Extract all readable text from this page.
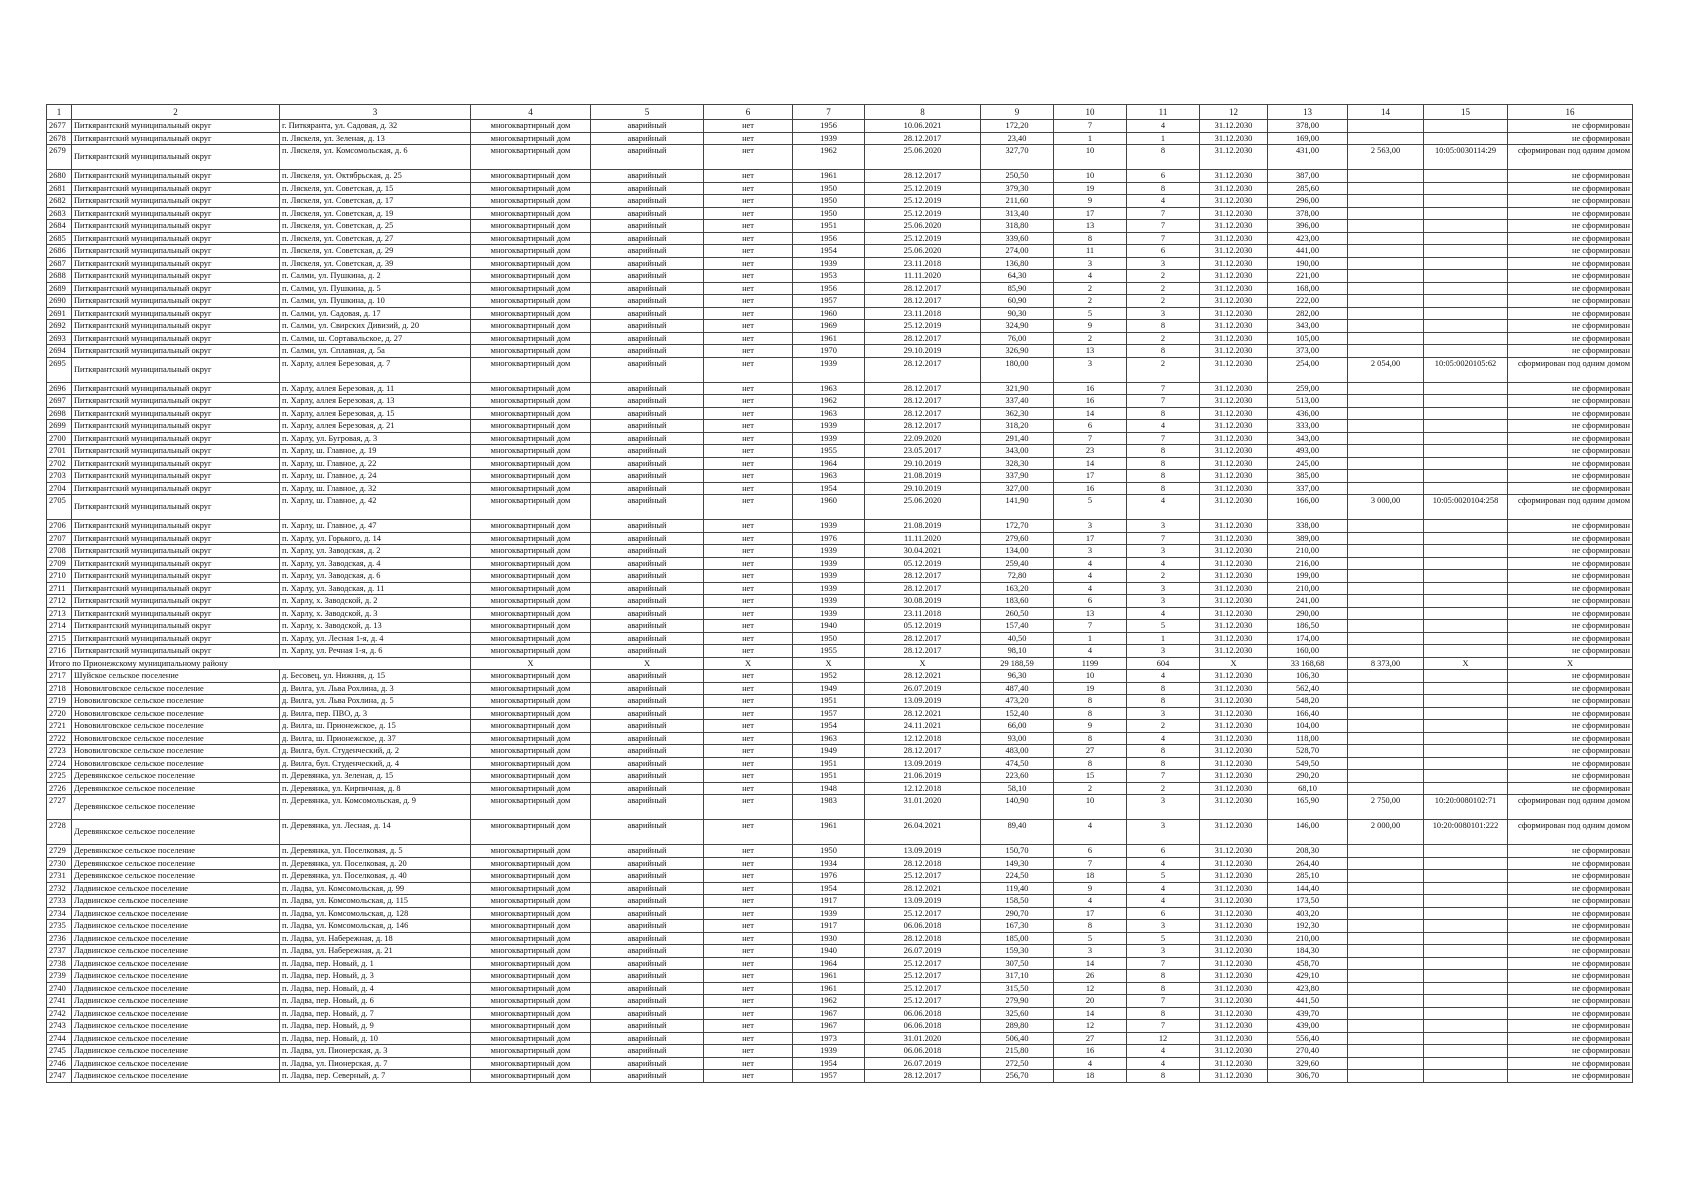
1	2	3	4	5	6	7	8	9	10	11	12	13	14	15	16
2677	Питкярантский муниципальный округ	г. Питкяранта, ул. Садовая, д. 32	многоквартирный дом	аварийный	нет	1956	10.06.2021	172,20	7	4	31.12.2030	378,00			не сформирован
2678	Питкярантский муниципальный округ	п. Ляскеля, ул. Зеленая, д. 13	многоквартирный дом	аварийный	нет	1939	28.12.2017	23,40	1	1	31.12.2030	169,00			не сформирован
2679	Питкярантский муниципальный округ	п. Ляскеля, ул. Комсомольская, д. 6	многоквартирный дом	аварийный	нет	1962	25.06.2020	327,70	10	8	31.12.2030	431,00	2 563,00	10:05:0030114:29	сформирован под одним домом
2680	Питкярантский муниципальный округ	п. Ляскеля, ул. Октябрьская, д. 25	многоквартирный дом	аварийный	нет	1961	28.12.2017	250,50	10	6	31.12.2030	387,00			не сформирован
2681	Питкярантский муниципальный округ	п. Ляскеля, ул. Советская, д. 15	многоквартирный дом	аварийный	нет	1950	25.12.2019	379,30	19	8	31.12.2030	285,60			не сформирован
2682	Питкярантский муниципальный округ	п. Ляскеля, ул. Советская, д. 17	многоквартирный дом	аварийный	нет	1950	25.12.2019	211,60	9	4	31.12.2030	296,00			не сформирован
2683	Питкярантский муниципальный округ	п. Ляскеля, ул. Советская, д. 19	многоквартирный дом	аварийный	нет	1950	25.12.2019	313,40	17	7	31.12.2030	378,00			не сформирован
2684	Питкярантский муниципальный округ	п. Ляскеля, ул. Советская, д. 25	многоквартирный дом	аварийный	нет	1951	25.06.2020	318,80	13	7	31.12.2030	396,00			не сформирован
2685	Питкярантский муниципальный округ	п. Ляскеля, ул. Советская, д. 27	многоквартирный дом	аварийный	нет	1956	25.12.2019	339,60	8	7	31.12.2030	423,00			не сформирован
2686	Питкярантский муниципальный округ	п. Ляскеля, ул. Советская, д. 29	многоквартирный дом	аварийный	нет	1954	25.06.2020	274,00	11	6	31.12.2030	441,00			не сформирован
2687	Питкярантский муниципальный округ	п. Ляскеля, ул. Советская, д. 39	многоквартирный дом	аварийный	нет	1939	23.11.2018	136,80	3	3	31.12.2030	190,00			не сформирован
2688	Питкярантский муниципальный округ	п. Салми, ул. Пушкина, д. 2	многоквартирный дом	аварийный	нет	1953	11.11.2020	64,30	4	2	31.12.2030	221,00			не сформирован
2689	Питкярантский муниципальный округ	п. Салми, ул. Пушкина, д. 5	многоквартирный дом	аварийный	нет	1956	28.12.2017	85,90	2	2	31.12.2030	168,00			не сформирован
2690	Питкярантский муниципальный округ	п. Салми, ул. Пушкина, д. 10	многоквартирный дом	аварийный	нет	1957	28.12.2017	60,90	2	2	31.12.2030	222,00			не сформирован
2691	Питкярантский муниципальный округ	п. Салми, ул. Садовая, д. 17	многоквартирный дом	аварийный	нет	1960	23.11.2018	90,30	5	3	31.12.2030	282,00			не сформирован
2692	Питкярантский муниципальный округ	п. Салми, ул. Свирских Дивизий, д. 20	многоквартирный дом	аварийный	нет	1969	25.12.2019	324,90	9	8	31.12.2030	343,00			не сформирован
2693	Питкярантский муниципальный округ	п. Салми, ш. Сортавальское, д. 27	многоквартирный дом	аварийный	нет	1961	28.12.2017	76,00	2	2	31.12.2030	105,00			не сформирован
2694	Питкярантский муниципальный округ	п. Салми, ул. Сплавная, д. 5а	многоквартирный дом	аварийный	нет	1970	29.10.2019	326,90	13	8	31.12.2030	373,00			не сформирован
2695	Питкярантский муниципальный округ	п. Харлу, аллея Березовая, д. 7	многоквартирный дом	аварийный	нет	1939	28.12.2017	180,00	3	2	31.12.2030	254,00	2 054,00	10:05:0020105:62	сформирован под одним домом
2696	Питкярантский муниципальный округ	п. Харлу, аллея Березовая, д. 11	многоквартирный дом	аварийный	нет	1963	28.12.2017	321,90	16	7	31.12.2030	259,00			не сформирован
2697	Питкярантский муниципальный округ	п. Харлу, аллея Березовая, д. 13	многоквартирный дом	аварийный	нет	1962	28.12.2017	337,40	16	7	31.12.2030	513,00			не сформирован
2698	Питкярантский муниципальный округ	п. Харлу, аллея Березовая, д. 15	многоквартирный дом	аварийный	нет	1963	28.12.2017	362,30	14	8	31.12.2030	436,00			не сформирован
2699	Питкярантский муниципальный округ	п. Харлу, аллея Березовая, д. 21	многоквартирный дом	аварийный	нет	1939	28.12.2017	318,20	6	4	31.12.2030	333,00			не сформирован
2700	Питкярантский муниципальный округ	п. Харлу, ул. Бугровая, д. 3	многоквартирный дом	аварийный	нет	1939	22.09.2020	291,40	7	7	31.12.2030	343,00			не сформирован
2701	Питкярантский муниципальный округ	п. Харлу, ш. Главное, д. 19	многоквартирный дом	аварийный	нет	1955	23.05.2017	343,00	23	8	31.12.2030	493,00			не сформирован
2702	Питкярантский муниципальный округ	п. Харлу, ш. Главное, д. 22	многоквартирный дом	аварийный	нет	1964	29.10.2019	328,30	14	8	31.12.2030	245,00			не сформирован
2703	Питкярантский муниципальный округ	п. Харлу, ш. Главное, д. 24	многоквартирный дом	аварийный	нет	1963	21.08.2019	337,90	17	8	31.12.2030	385,00			не сформирован
2704	Питкярантский муниципальный округ	п. Харлу, ш. Главное, д. 32	многоквартирный дом	аварийный	нет	1954	29.10.2019	327,00	16	8	31.12.2030	337,00			не сформирован
2705	Питкярантский муниципальный округ	п. Харлу, ш. Главное, д. 42	многоквартирный дом	аварийный	нет	1960	25.06.2020	141,90	5	4	31.12.2030	166,00	3 000,00	10:05:0020104:258	сформирован под одним домом
2706	Питкярантский муниципальный округ	п. Харлу, ш. Главное, д. 47	многоквартирный дом	аварийный	нет	1939	21.08.2019	172,70	3	3	31.12.2030	338,00			не сформирован
2707	Питкярантский муниципальный округ	п. Харлу, ул. Горького, д. 14	многоквартирный дом	аварийный	нет	1976	11.11.2020	279,60	17	7	31.12.2030	389,00			не сформирован
2708	Питкярантский муниципальный округ	п. Харлу, ул. Заводская, д. 2	многоквартирный дом	аварийный	нет	1939	30.04.2021	134,00	3	3	31.12.2030	210,00			не сформирован
2709	Питкярантский муниципальный округ	п. Харлу, ул. Заводская, д. 4	многоквартирный дом	аварийный	нет	1939	05.12.2019	259,40	4	4	31.12.2030	216,00			не сформирован
2710	Питкярантский муниципальный округ	п. Харлу, ул. Заводская, д. 6	многоквартирный дом	аварийный	нет	1939	28.12.2017	72,80	4	2	31.12.2030	199,00			не сформирован
2711	Питкярантский муниципальный округ	п. Харлу, ул. Заводская, д. 11	многоквартирный дом	аварийный	нет	1939	28.12.2017	163,20	4	3	31.12.2030	210,00			не сформирован
2712	Питкярантский муниципальный округ	п. Харлу, х. Заводской, д. 2	многоквартирный дом	аварийный	нет	1939	30.08.2019	183,60	6	3	31.12.2030	241,00			не сформирован
2713	Питкярантский муниципальный округ	п. Харлу, х. Заводской, д. 3	многоквартирный дом	аварийный	нет	1939	23.11.2018	260,50	13	4	31.12.2030	290,00			не сформирован
2714	Питкярантский муниципальный округ	п. Харлу, х. Заводской, д. 13	многоквартирный дом	аварийный	нет	1940	05.12.2019	157,40	7	5	31.12.2030	186,50			не сформирован
2715	Питкярантский муниципальный округ	п. Харлу, ул. Лесная 1-я, д. 4	многоквартирный дом	аварийный	нет	1950	28.12.2017	40,50	1	1	31.12.2030	174,00			не сформирован
2716	Питкярантский муниципальный округ	п. Харлу, ул. Речная 1-я, д. 6	многоквартирный дом	аварийный	нет	1955	28.12.2017	98,10	4	3	31.12.2030	160,00			не сформирован
Итого по Прионежскому муниципальному району			X	X	X	X	X	29 188,59	1199	604	X	33 168,68	8 373,00	X	X
2717	Шуйское сельское поселение	д. Бесовец, ул. Нижняя, д. 15	многоквартирный дом	аварийный	нет	1952	28.12.2021	96,30	10	4	31.12.2030	106,30			не сформирован
2718	Нововилговское сельское поселение	д. Вилга, ул. Льва Рохлина, д. 3	многоквартирный дом	аварийный	нет	1949	26.07.2019	487,40	19	8	31.12.2030	562,40			не сформирован
2719	Нововилговское сельское поселение	д. Вилга, ул. Льва Рохлина, д. 5	многоквартирный дом	аварийный	нет	1951	13.09.2019	473,20	8	8	31.12.2030	548,20			не сформирован
2720	Нововилговское сельское поселение	д. Вилга, пер. ПВО, д. 3	многоквартирный дом	аварийный	нет	1957	28.12.2021	152,40	8	3	31.12.2030	166,40			не сформирован
2721	Нововилговское сельское поселение	д. Вилга, ш. Прионежское, д. 15	многоквартирный дом	аварийный	нет	1954	24.11.2021	66,00	9	2	31.12.2030	104,00			не сформирован
2722	Нововилговское сельское поселение	д. Вилга, ш. Прионежское, д. 37	многоквартирный дом	аварийный	нет	1963	12.12.2018	93,00	8	4	31.12.2030	118,00			не сформирован
2723	Нововилговское сельское поселение	д. Вилга, бул. Студенческий, д. 2	многоквартирный дом	аварийный	нет	1949	28.12.2017	483,00	27	8	31.12.2030	528,70			не сформирован
2724	Нововилговское сельское поселение	д. Вилга, бул. Студенческий, д. 4	многоквартирный дом	аварийный	нет	1951	13.09.2019	474,50	8	8	31.12.2030	549,50			не сформирован
2725	Деревянкское сельское поселение	п. Деревянка, ул. Зеленая, д. 15	многоквартирный дом	аварийный	нет	1951	21.06.2019	223,60	15	7	31.12.2030	290,20			не сформирован
2726	Деревянкское сельское поселение	п. Деревянка, ул. Кирпичная, д. 8	многоквартирный дом	аварийный	нет	1948	12.12.2018	58,10	2	2	31.12.2030	68,10			не сформирован
2727	Деревянкское сельское поселение	п. Деревянка, ул. Комсомольская, д. 9	многоквартирный дом	аварийный	нет	1983	31.01.2020	140,90	10	3	31.12.2030	165,90	2 750,00	10:20:0080102:71	сформирован под одним домом
2728	Деревянкское сельское поселение	п. Деревянка, ул. Лесная, д. 14	многоквартирный дом	аварийный	нет	1961	26.04.2021	89,40	4	3	31.12.2030	146,00	2 000,00	10:20:0080101:222	сформирован под одним домом
2729	Деревянкское сельское поселение	п. Деревянка, ул. Поселковая, д. 5	многоквартирный дом	аварийный	нет	1950	13.09.2019	150,70	6	6	31.12.2030	208,30			не сформирован
2730	Деревянкское сельское поселение	п. Деревянка, ул. Поселковая, д. 20	многоквартирный дом	аварийный	нет	1934	28.12.2018	149,30	7	4	31.12.2030	264,40			не сформирован
2731	Деревянкское сельское поселение	п. Деревянка, ул. Поселковая, д. 40	многоквартирный дом	аварийный	нет	1976	25.12.2017	224,50	18	5	31.12.2030	285,10			не сформирован
2732	Ладвинское сельское поселение	п. Ладва, ул. Комсомольская, д. 99	многоквартирный дом	аварийный	нет	1954	28.12.2021	119,40	9	4	31.12.2030	144,40			не сформирован
2733	Ладвинское сельское поселение	п. Ладва, ул. Комсомольская, д. 115	многоквартирный дом	аварийный	нет	1917	13.09.2019	158,50	4	4	31.12.2030	173,50			не сформирован
2734	Ладвинское сельское поселение	п. Ладва, ул. Комсомольская, д. 128	многоквартирный дом	аварийный	нет	1939	25.12.2017	290,70	17	6	31.12.2030	403,20			не сформирован
2735	Ладвинское сельское поселение	п. Ладва, ул. Комсомольская, д. 146	многоквартирный дом	аварийный	нет	1917	06.06.2018	167,30	8	3	31.12.2030	192,30			не сформирован
2736	Ладвинское сельское поселение	п. Ладва, ул. Набережная, д. 18	многоквартирный дом	аварийный	нет	1930	28.12.2018	185,00	5	5	31.12.2030	210,00			не сформирован
2737	Ладвинское сельское поселение	п. Ладва, ул. Набережная, д. 21	многоквартирный дом	аварийный	нет	1940	26.07.2019	159,30	3	3	31.12.2030	184,30			не сформирован
2738	Ладвинское сельское поселение	п. Ладва, пер. Новый, д. 1	многоквартирный дом	аварийный	нет	1964	25.12.2017	307,50	14	7	31.12.2030	458,70			не сформирован
2739	Ладвинское сельское поселение	п. Ладва, пер. Новый, д. 3	многоквартирный дом	аварийный	нет	1961	25.12.2017	317,10	26	8	31.12.2030	429,10			не сформирован
2740	Ладвинское сельское поселение	п. Ладва, пер. Новый, д. 4	многоквартирный дом	аварийный	нет	1961	25.12.2017	315,50	12	8	31.12.2030	423,80			не сформирован
2741	Ладвинское сельское поселение	п. Ладва, пер. Новый, д. 6	многоквартирный дом	аварийный	нет	1962	25.12.2017	279,90	20	7	31.12.2030	441,50			не сформирован
2742	Ладвинское сельское поселение	п. Ладва, пер. Новый, д. 7	многоквартирный дом	аварийный	нет	1967	06.06.2018	325,60	14	8	31.12.2030	439,70			не сформирован
2743	Ладвинское сельское поселение	п. Ладва, пер. Новый, д. 9	многоквартирный дом	аварийный	нет	1967	06.06.2018	289,80	12	7	31.12.2030	439,00			не сформирован
2744	Ладвинское сельское поселение	п. Ладва, пер. Новый, д. 10	многоквартирный дом	аварийный	нет	1973	31.01.2020	506,40	27	12	31.12.2030	556,40			не сформирован
2745	Ладвинское сельское поселение	п. Ладва, ул. Пионерская, д. 3	многоквартирный дом	аварийный	нет	1939	06.06.2018	215,80	16	4	31.12.2030	270,40			не сформирован
2746	Ладвинское сельское поселение	п. Ладва, ул. Пионерская, д. 7	многоквартирный дом	аварийный	нет	1954	26.07.2019	272,50	4	4	31.12.2030	329,60			не сформирован
2747	Ладвинское сельское поселение	п. Ладва, пер. Северный, д. 7	многоквартирный дом	аварийный	нет	1957	28.12.2017	256,70	18	8	31.12.2030	306,70			не сформирован
